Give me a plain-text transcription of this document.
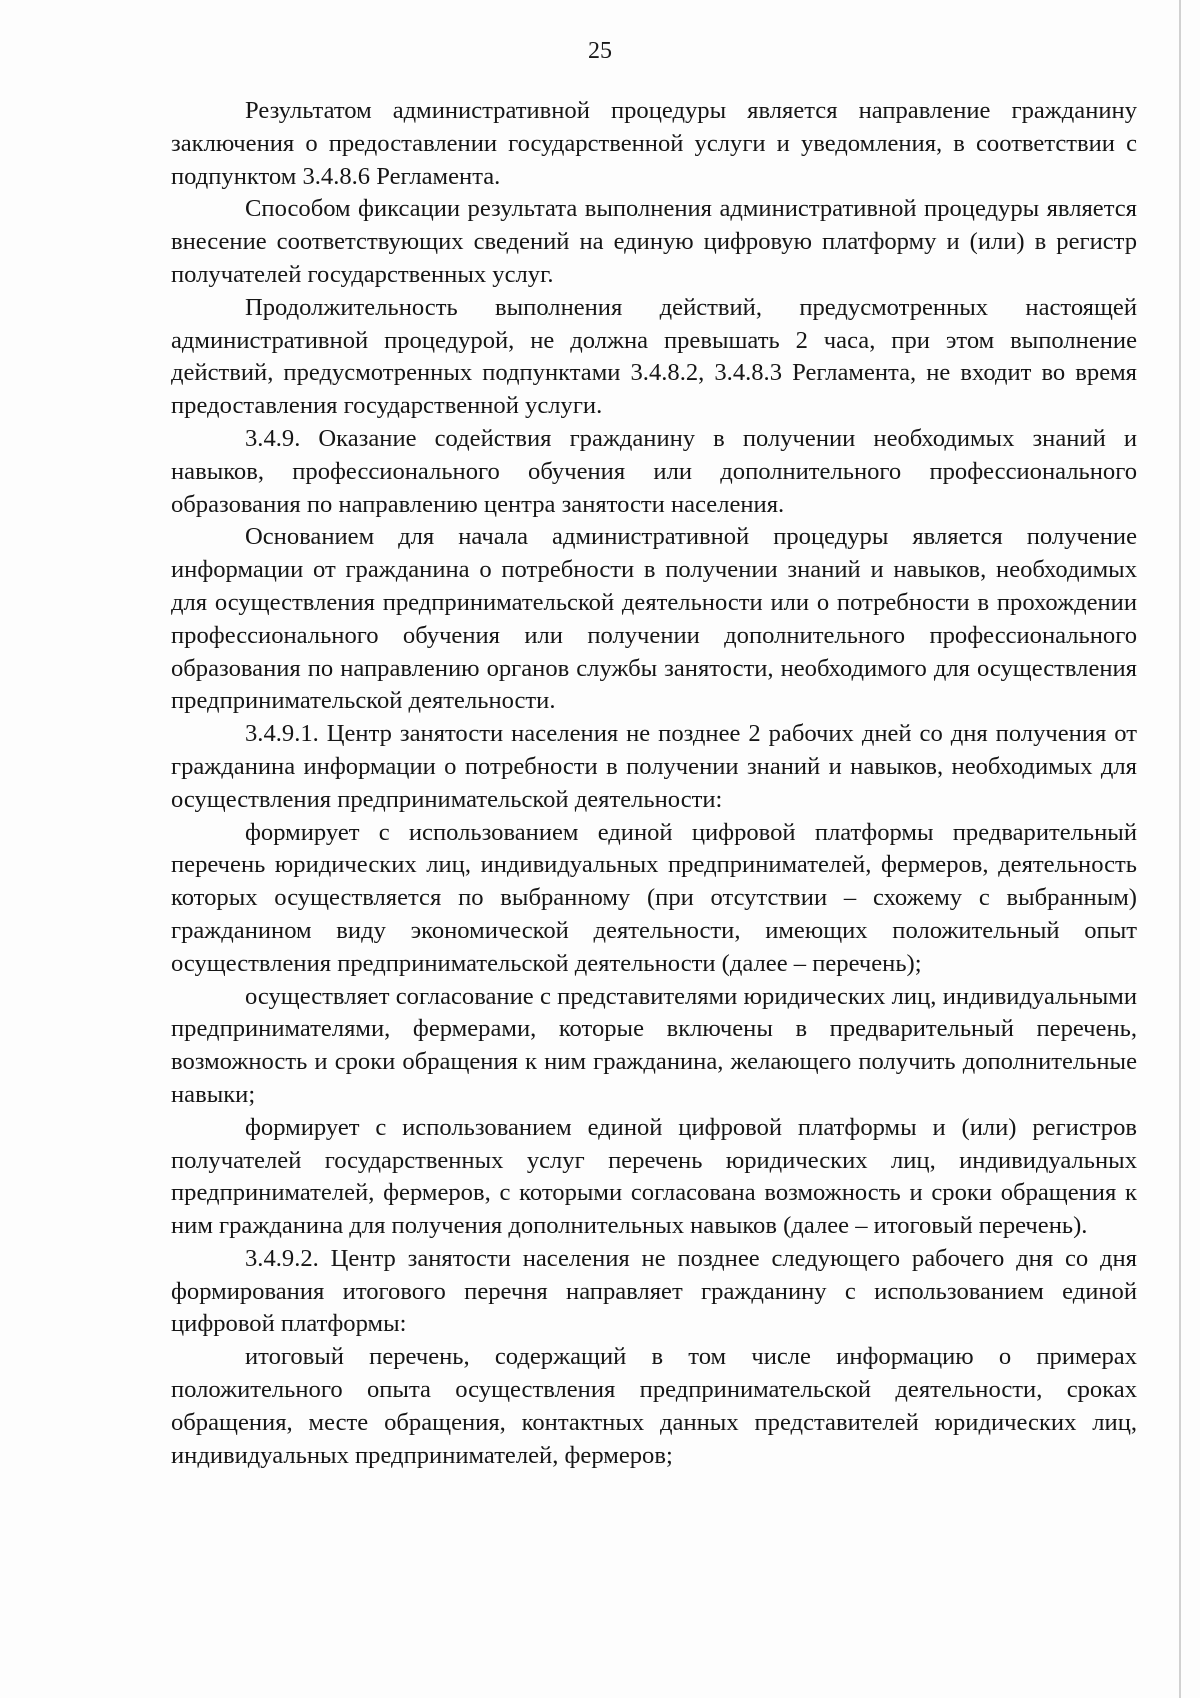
25

Результатом административной процедуры является направление гражданину заключения о предоставлении государственной услуги и уведомления, в соответствии с подпунктом 3.4.8.6 Регламента.

Способом фиксации результата выполнения административной процедуры является внесение соответствующих сведений на единую цифровую платформу и (или) в регистр получателей государственных услуг.

Продолжительность выполнения действий, предусмотренных настоящей административной процедурой, не должна превышать 2 часа, при этом выполнение действий, предусмотренных подпунктами 3.4.8.2, 3.4.8.3 Регламента, не входит во время предоставления государственной услуги.

3.4.9. Оказание содействия гражданину в получении необходимых знаний и навыков, профессионального обучения или дополнительного профессионального образования по направлению центра занятости населения.

Основанием для начала административной процедуры является получение информации от гражданина о потребности в получении знаний и навыков, необходимых для осуществления предпринимательской деятельности или о потребности в прохождении профессионального обучения или получении дополнительного профессионального образования по направлению органов службы занятости, необходимого для осуществления предпринимательской деятельности.

3.4.9.1. Центр занятости населения не позднее 2 рабочих дней со дня получения от гражданина информации о потребности в получении знаний и навыков, необходимых для осуществления предпринимательской деятельности:

формирует с использованием единой цифровой платформы предварительный перечень юридических лиц, индивидуальных предпринимателей, фермеров, деятельность которых осуществляется по выбранному (при отсутствии – схожему с выбранным) гражданином виду экономической деятельности, имеющих положительный опыт осуществления предпринимательской деятельности (далее – перечень);

осуществляет согласование с представителями юридических лиц, индивидуальными предпринимателями, фермерами, которые включены в предварительный перечень, возможность и сроки обращения к ним гражданина, желающего получить дополнительные навыки;

формирует с использованием единой цифровой платформы и (или) регистров получателей государственных услуг перечень юридических лиц, индивидуальных предпринимателей, фермеров, с которыми согласована возможность и сроки обращения к ним гражданина для получения дополнительных навыков (далее – итоговый перечень).

3.4.9.2. Центр занятости населения не позднее следующего рабочего дня со дня формирования итогового перечня направляет гражданину с использованием единой цифровой платформы:

итоговый перечень, содержащий в том числе информацию о примерах положительного опыта осуществления предпринимательской деятельности, сроках обращения, месте обращения, контактных данных представителей юридических лиц, индивидуальных предпринимателей, фермеров;
